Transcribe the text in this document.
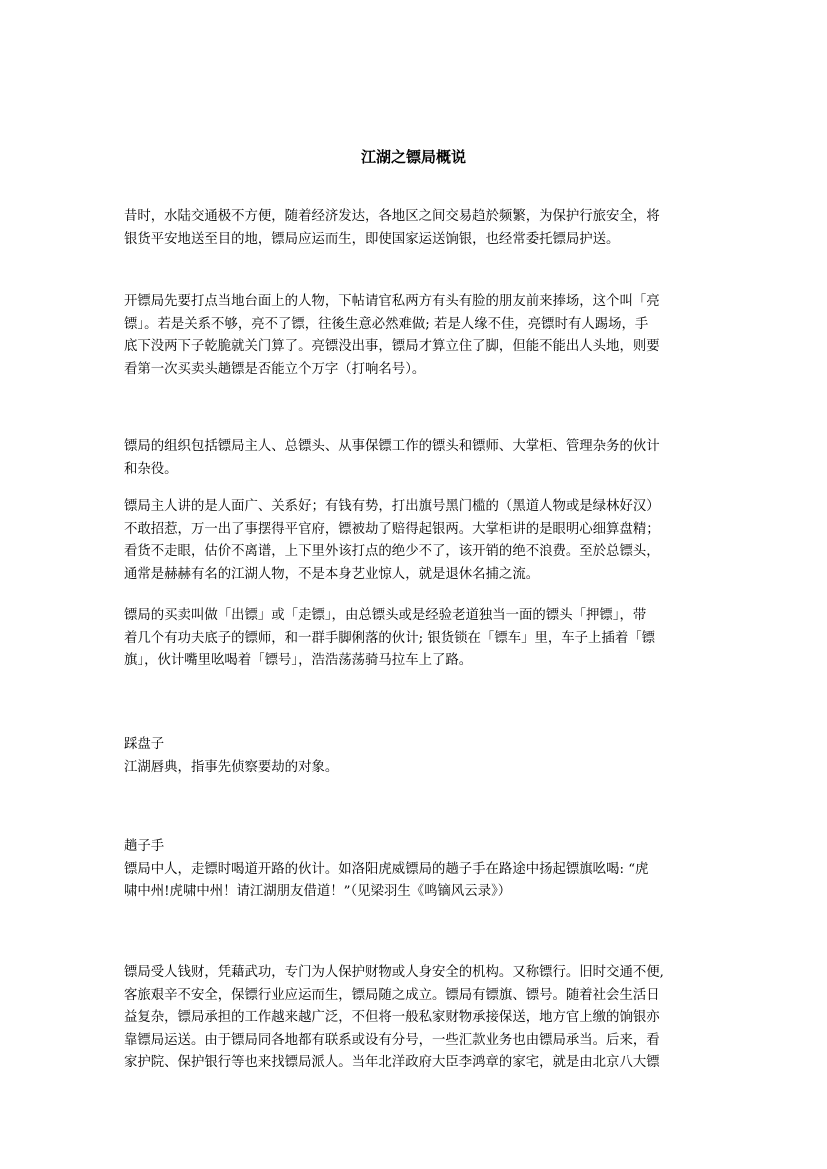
江湖之镖局概说

昔时，水陆交通极不方便，随着经济发达，各地区之间交易趋於频繁，为保护行旅安全，将
银货平安地送至目的地，镖局应运而生，即使国家运送饷银，也经常委托镖局护送。

开镖局先要打点当地台面上的人物，下帖请官私两方有头有脸的朋友前来捧场，这个叫「亮
镖」。若是关系不够，亮不了镖，往後生意必然难做; 若是人缘不佳，亮镖时有人踢场，手
底下没两下子乾脆就关门算了。亮镖没出事，镖局才算立住了脚，但能不能出人头地，则要
看第一次买卖头趟镖是否能立个万字（打响名号）。

镖局的组织包括镖局主人、总镖头、从事保镖工作的镖头和镖师、大掌柜、管理杂务的伙计
和杂役。

镖局主人讲的是人面广、关系好；有钱有势，打出旗号黑门槛的（黑道人物或是绿林好汉）
不敢招惹，万一出了事摆得平官府，镖被劫了赔得起银两。大掌柜讲的是眼明心细算盘精；
看货不走眼，估价不离谱，上下里外该打点的绝少不了，该开销的绝不浪费。至於总镖头，
通常是赫赫有名的江湖人物，不是本身艺业惊人，就是退休名捕之流。

镖局的买卖叫做「出镖」或「走镖」，由总镖头或是经验老道独当一面的镖头「押镖」，带
着几个有功夫底子的镖师，和一群手脚俐落的伙计; 银货锁在「镖车」里，车子上插着「镖
旗」，伙计嘴里吆喝着「镖号」，浩浩荡荡骑马拉车上了路。

踩盘子
江湖唇典，指事先侦察要劫的对象。

趟子手
镖局中人，走镖时喝道开路的伙计。如洛阳虎威镖局的趟子手在路途中扬起镖旗吆喝: “虎
啸中州!虎啸中州！请江湖朋友借道！”（见梁羽生《鸣镝风云录》）

镖局受人钱财，凭藉武功，专门为人保护财物或人身安全的机构。又称镖行。旧时交通不便,
客旅艰辛不安全，保镖行业应运而生，镖局随之成立。镖局有镖旗、镖号。随着社会生活日
益复杂，镖局承担的工作越来越广泛，不但将一般私家财物承接保送，地方官上缴的饷银亦
靠镖局运送。由于镖局同各地都有联系或设有分号，一些汇款业务也由镖局承当。后来，看
家护院、保护银行等也来找镖局派人。当年北洋政府大臣李鸿章的家宅，就是由北京八大镖
